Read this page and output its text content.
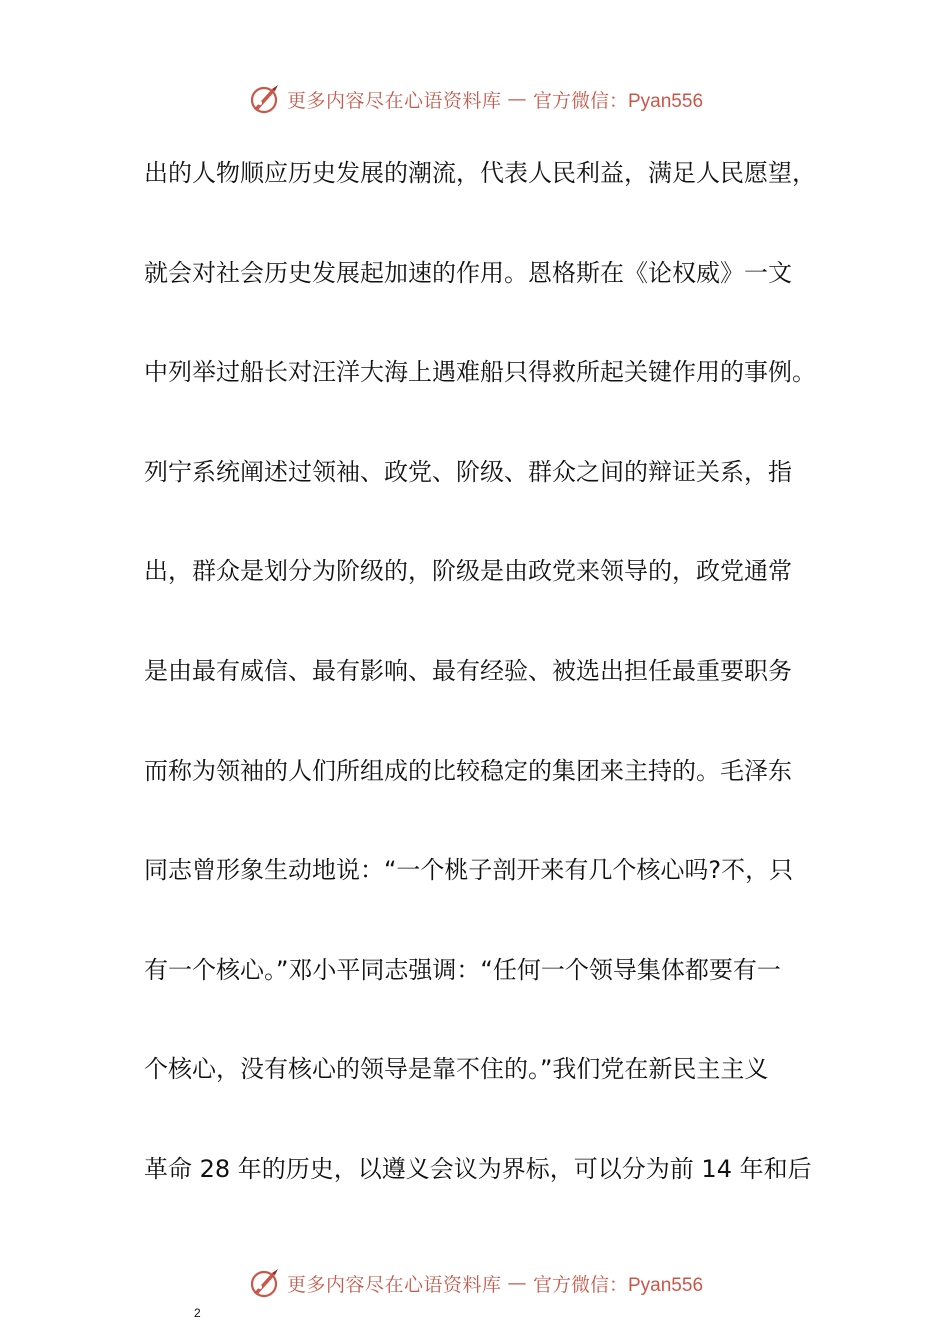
更多内容尽在心语资料库 — 官方微信：Pyan556
出的人物顺应历史发展的潮流，代表人民利益，满足人民愿望，
就会对社会历史发展起加速的作用。恩格斯在《论权威》一文
中列举过船长对汪洋大海上遇难船只得救所起关键作用的事例。
列宁系统阐述过领袖、政党、阶级、群众之间的辩证关系，指
出，群众是划分为阶级的，阶级是由政党来领导的，政党通常
是由最有威信、最有影响、最有经验、被选出担任最重要职务
而称为领袖的人们所组成的比较稳定的集团来主持的。毛泽东
同志曾形象生动地说：“一个桃子剖开来有几个核心吗?不，只
有一个核心。”邓小平同志强调：“任何一个领导集体都要有一
个核心，没有核心的领导是靠不住的。”我们党在新民主主义
革命 28 年的历史，以遵义会议为界标，可以分为前 14 年和后
更多内容尽在心语资料库 — 官方微信：Pyan556
2
